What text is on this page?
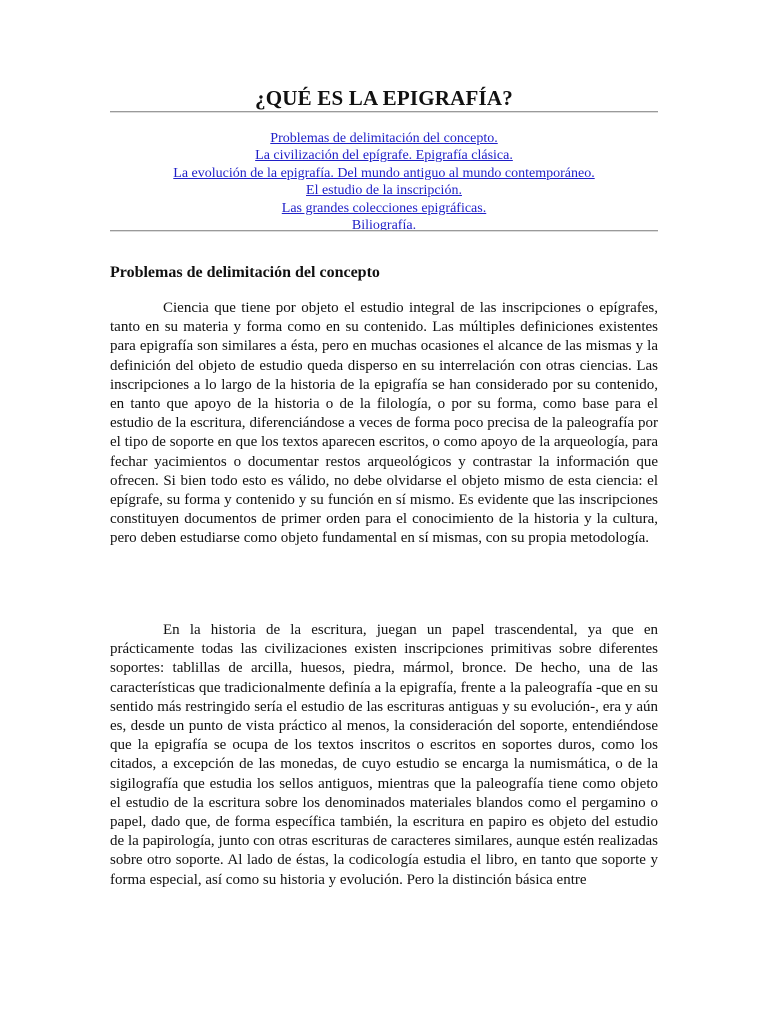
¿QUÉ ES LA EPIGRAFÍA?
Problemas de delimitación del concepto.
La civilización del epígrafe. Epigrafía clásica.
La evolución de la epigrafía. Del mundo antiguo al mundo contemporáneo.
El estudio de la inscripción.
Las grandes colecciones epigráficas.
Biliografía.
Problemas de delimitación del concepto

Ciencia que tiene por objeto el estudio integral de las inscripciones o epígrafes, tanto en su materia y forma como en su contenido. Las múltiples definiciones existentes para epigrafía son similares a ésta, pero en muchas ocasiones el alcance de las mismas y la definición del objeto de estudio queda disperso en su interrelación con otras ciencias. Las inscripciones a lo largo de la historia de la epigrafía se han considerado por su contenido, en tanto que apoyo de la historia o de la filología, o por su forma, como base para el estudio de la escritura, diferenciándose a veces de forma poco precisa de la paleografía por el tipo de soporte en que los textos aparecen escritos, o como apoyo de la arqueología, para fechar yacimientos o documentar restos arqueológicos y contrastar la información que ofrecen. Si bien todo esto es válido, no debe olvidarse el objeto mismo de esta ciencia: el epígrafe, su forma y contenido y su función en sí mismo. Es evidente que las inscripciones constituyen documentos de primer orden para el conocimiento de la historia y la cultura, pero deben estudiarse como objeto fundamental en sí mismas, con su propia metodología.

En la historia de la escritura, juegan un papel trascendental, ya que en prácticamente todas las civilizaciones existen inscripciones primitivas sobre diferentes soportes: tablillas de arcilla, huesos, piedra, mármol, bronce. De hecho, una de las características que tradicionalmente definía a la epigrafía, frente a la paleografía -que en su sentido más restringido sería el estudio de las escrituras antiguas y su evolución-, era y aún es, desde un punto de vista práctico al menos, la consideración del soporte, entendiéndose que la epigrafía se ocupa de los textos inscritos o escritos en soportes duros, como los citados, a excepción de las monedas, de cuyo estudio se encarga la numismática, o de la sigilografía que estudia los sellos antiguos, mientras que la paleografía tiene como objeto el estudio de la escritura sobre los denominados materiales blandos como el pergamino o papel, dado que, de forma específica también, la escritura en papiro es objeto del estudio de la papirología, junto con otras escrituras de caracteres similares, aunque estén realizadas sobre otro soporte. Al lado de éstas, la codicología estudia el libro, en tanto que soporte y forma especial, así como su historia y evolución. Pero la distinción básica entre
